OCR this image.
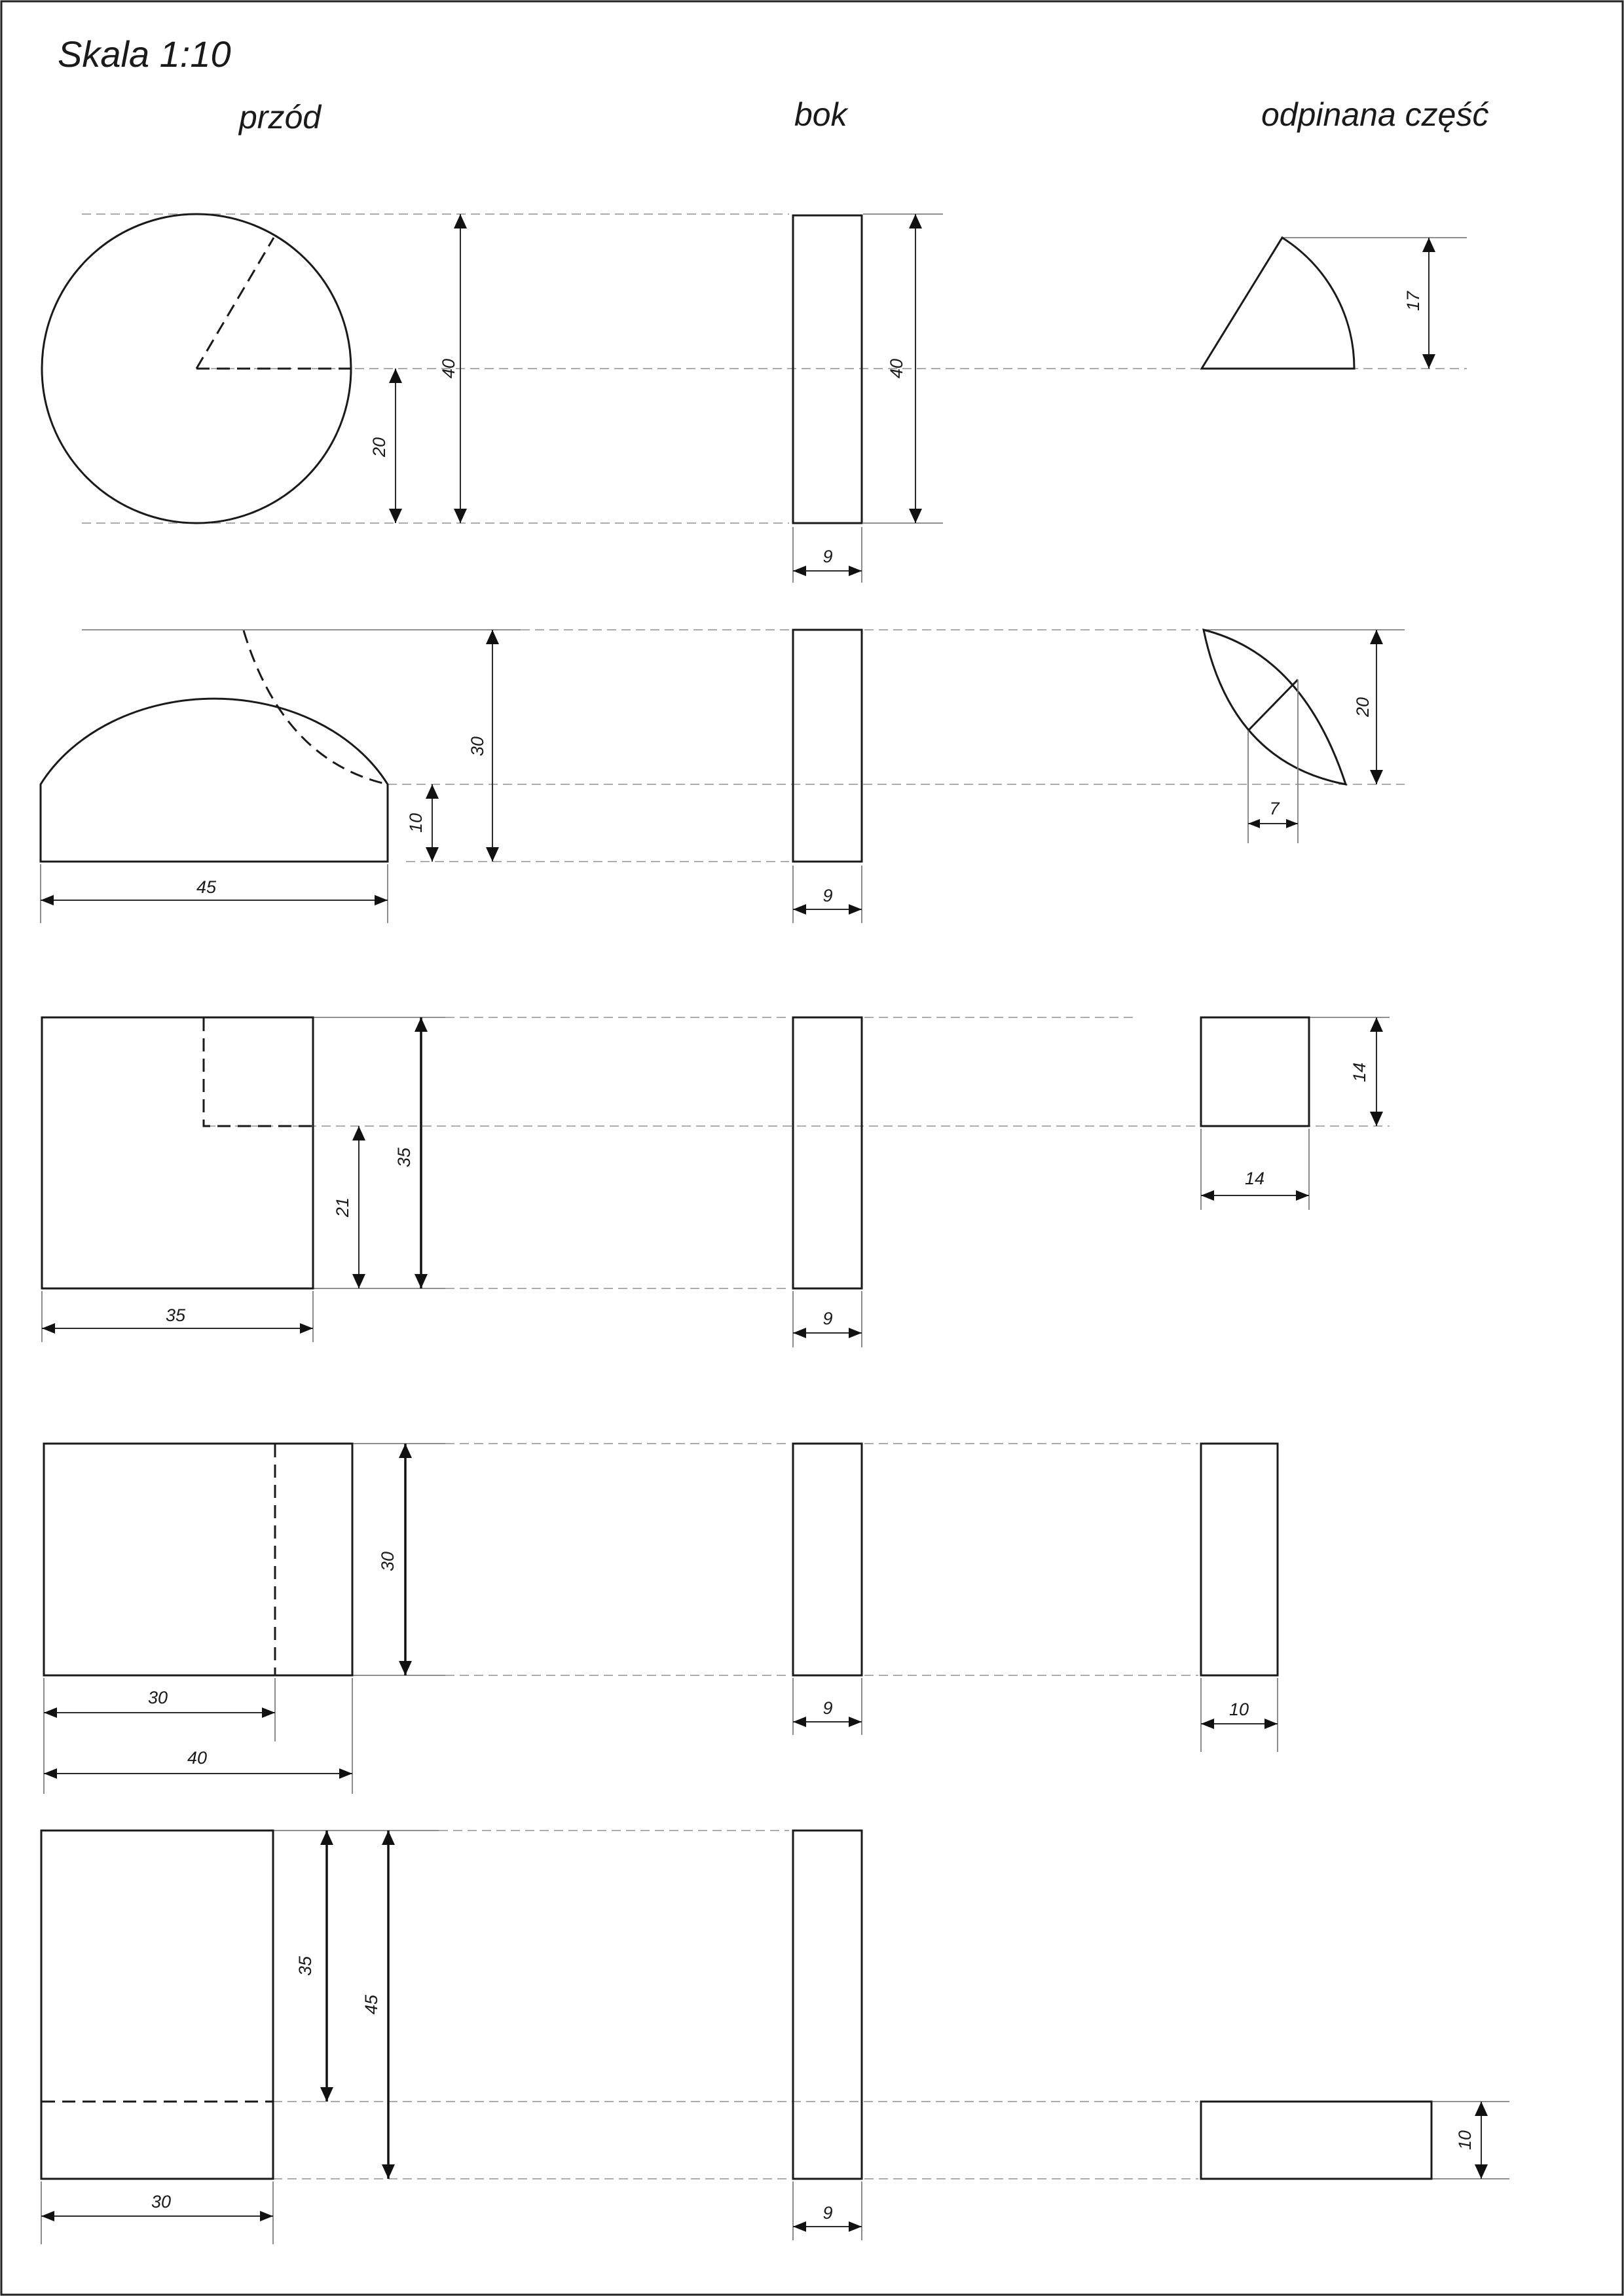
Skala 1:10
przód	bok	odpinana część
40
20
40
9
17
30
10
45	9
7
20
35
21
35	9
14
14
30
30
40
9	10
35
45
30
9
10
